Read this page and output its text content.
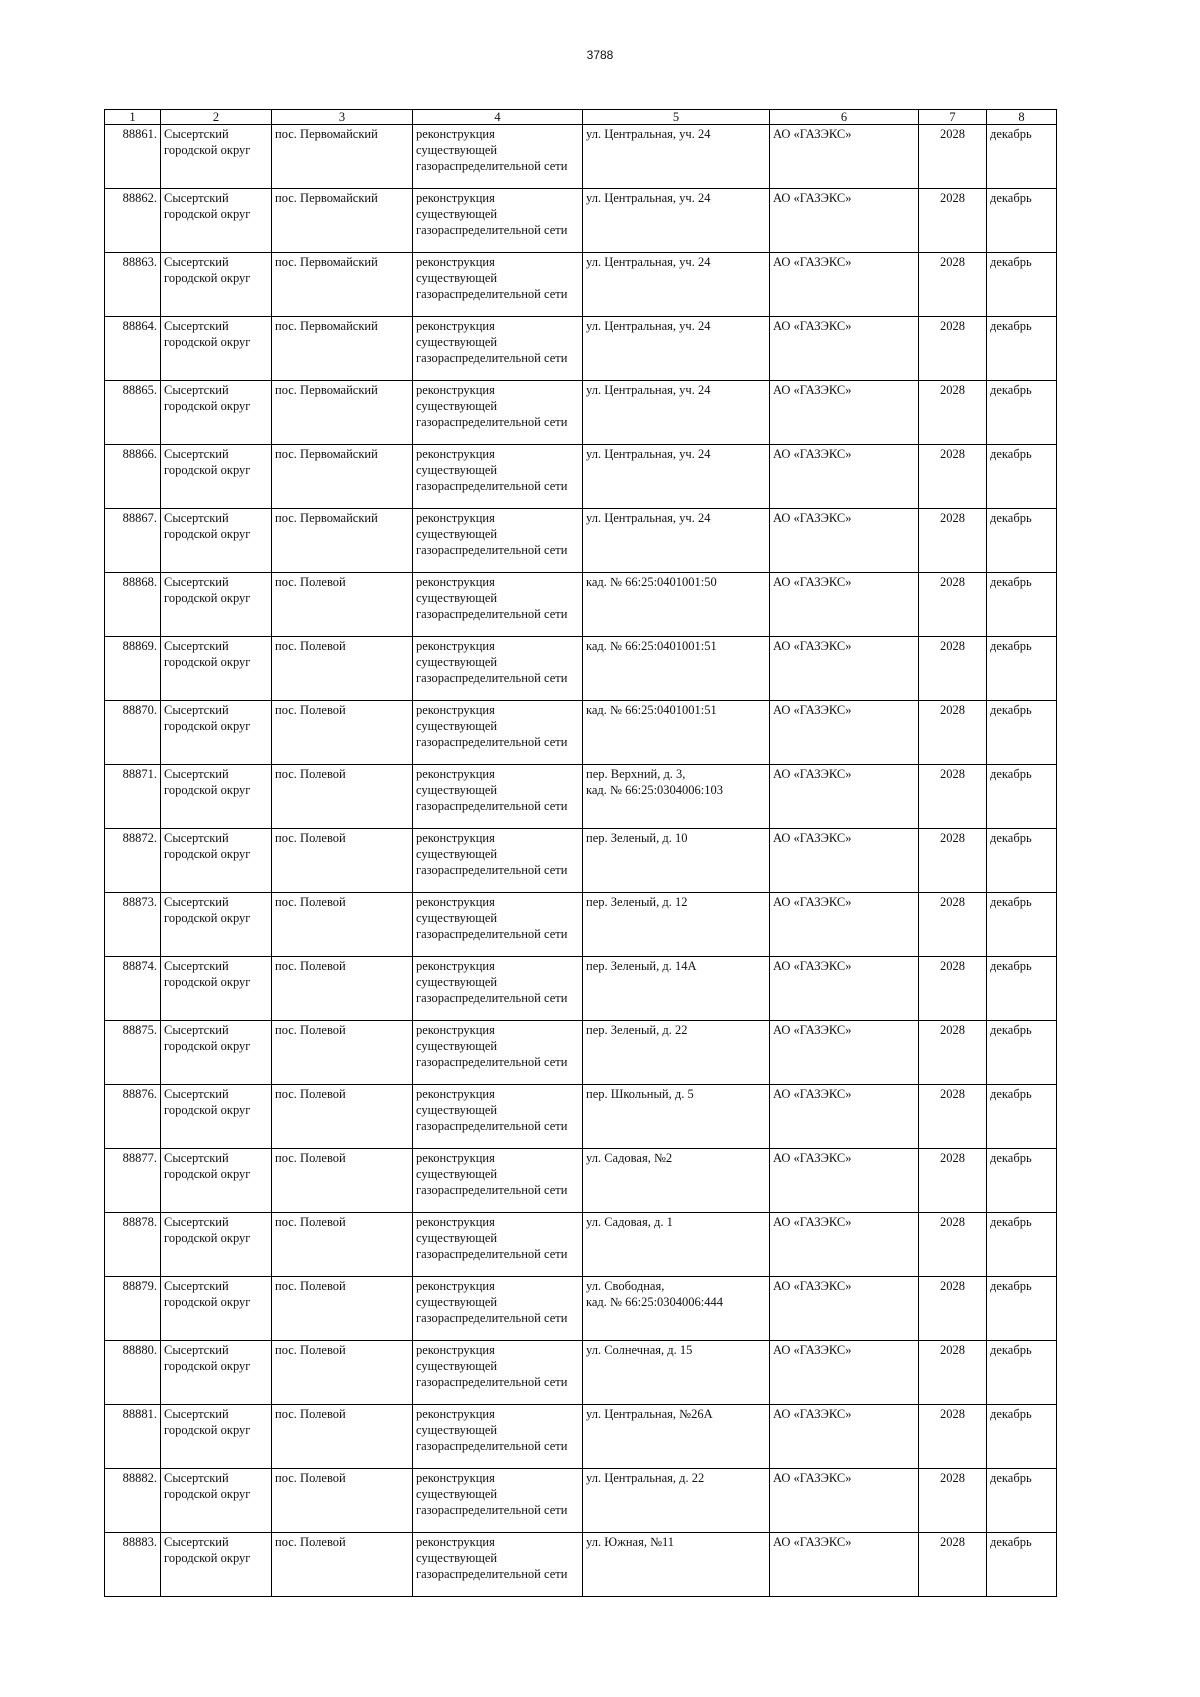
3788
1	2	3	4	5	6	7	8
88861.	Сысертский городской округ	пос. Первомайский	реконструкция существующей газораспределительной сети	ул. Центральная, уч. 24	АО «ГАЗЭКС»	2028	декабрь
88862.	Сысертский городской округ	пос. Первомайский	реконструкция существующей газораспределительной сети	ул. Центральная, уч. 24	АО «ГАЗЭКС»	2028	декабрь
88863.	Сысертский городской округ	пос. Первомайский	реконструкция существующей газораспределительной сети	ул. Центральная, уч. 24	АО «ГАЗЭКС»	2028	декабрь
88864.	Сысертский городской округ	пос. Первомайский	реконструкция существующей газораспределительной сети	ул. Центральная, уч. 24	АО «ГАЗЭКС»	2028	декабрь
88865.	Сысертский городской округ	пос. Первомайский	реконструкция существующей газораспределительной сети	ул. Центральная, уч. 24	АО «ГАЗЭКС»	2028	декабрь
88866.	Сысертский городской округ	пос. Первомайский	реконструкция существующей газораспределительной сети	ул. Центральная, уч. 24	АО «ГАЗЭКС»	2028	декабрь
88867.	Сысертский городской округ	пос. Первомайский	реконструкция существующей газораспределительной сети	ул. Центральная, уч. 24	АО «ГАЗЭКС»	2028	декабрь
88868.	Сысертский городской округ	пос. Полевой	реконструкция существующей газораспределительной сети	кад. № 66:25:0401001:50	АО «ГАЗЭКС»	2028	декабрь
88869.	Сысертский городской округ	пос. Полевой	реконструкция существующей газораспределительной сети	кад. № 66:25:0401001:51	АО «ГАЗЭКС»	2028	декабрь
88870.	Сысертский городской округ	пос. Полевой	реконструкция существующей газораспределительной сети	кад. № 66:25:0401001:51	АО «ГАЗЭКС»	2028	декабрь
88871.	Сысертский городской округ	пос. Полевой	реконструкция существующей газораспределительной сети	пер. Верхний, д. 3,
кад. № 66:25:0304006:103	АО «ГАЗЭКС»	2028	декабрь
88872.	Сысертский городской округ	пос. Полевой	реконструкция существующей газораспределительной сети	пер. Зеленый, д. 10	АО «ГАЗЭКС»	2028	декабрь
88873.	Сысертский городской округ	пос. Полевой	реконструкция существующей газораспределительной сети	пер. Зеленый, д. 12	АО «ГАЗЭКС»	2028	декабрь
88874.	Сысертский городской округ	пос. Полевой	реконструкция существующей газораспределительной сети	пер. Зеленый, д. 14А	АО «ГАЗЭКС»	2028	декабрь
88875.	Сысертский городской округ	пос. Полевой	реконструкция существующей газораспределительной сети	пер. Зеленый, д. 22	АО «ГАЗЭКС»	2028	декабрь
88876.	Сысертский городской округ	пос. Полевой	реконструкция существующей газораспределительной сети	пер. Школьный, д. 5	АО «ГАЗЭКС»	2028	декабрь
88877.	Сысертский городской округ	пос. Полевой	реконструкция существующей газораспределительной сети	ул. Садовая, №2	АО «ГАЗЭКС»	2028	декабрь
88878.	Сысертский городской округ	пос. Полевой	реконструкция существующей газораспределительной сети	ул. Садовая, д. 1	АО «ГАЗЭКС»	2028	декабрь
88879.	Сысертский городской округ	пос. Полевой	реконструкция существующей газораспределительной сети	ул. Свободная,
кад. № 66:25:0304006:444	АО «ГАЗЭКС»	2028	декабрь
88880.	Сысертский городской округ	пос. Полевой	реконструкция существующей газораспределительной сети	ул. Солнечная, д. 15	АО «ГАЗЭКС»	2028	декабрь
88881.	Сысертский городской округ	пос. Полевой	реконструкция существующей газораспределительной сети	ул. Центральная, №26А	АО «ГАЗЭКС»	2028	декабрь
88882.	Сысертский городской округ	пос. Полевой	реконструкция существующей газораспределительной сети	ул. Центральная, д. 22	АО «ГАЗЭКС»	2028	декабрь
88883.	Сысертский городской округ	пос. Полевой	реконструкция существующей газораспределительной сети	ул. Южная, №11	АО «ГАЗЭКС»	2028	декабрь
